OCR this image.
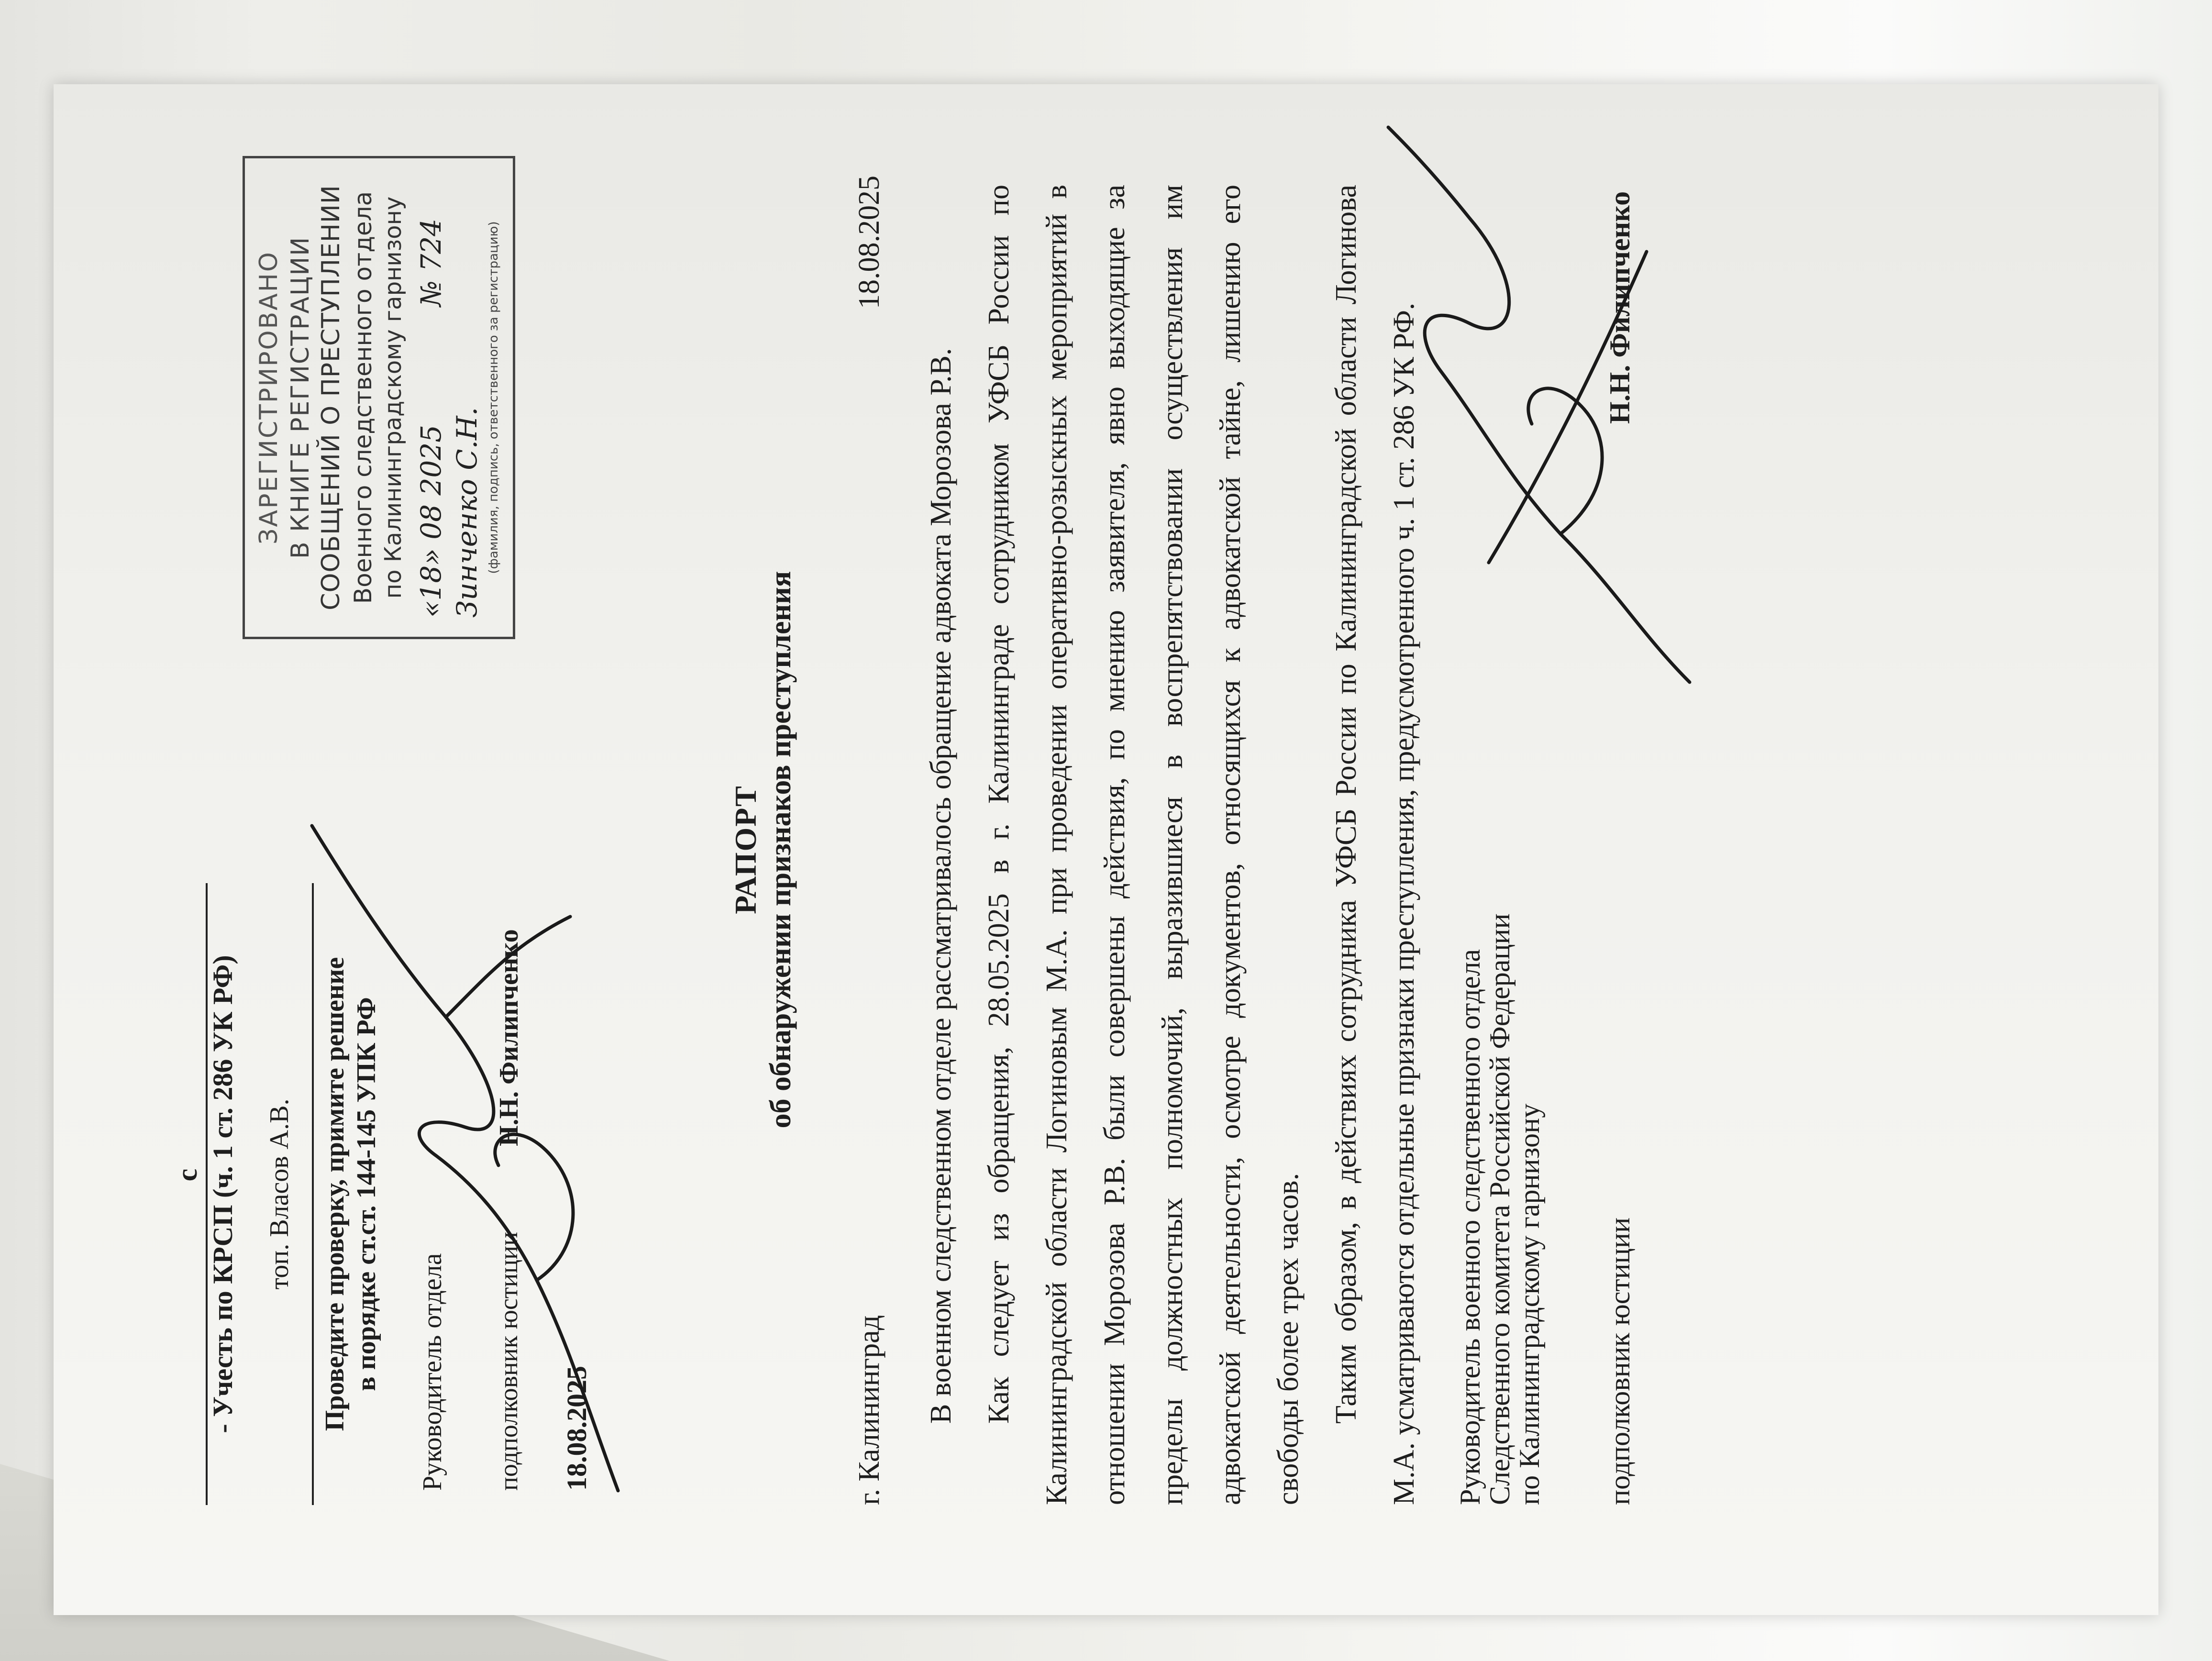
с - Учесть по КРСП (ч. 1 ст. 286 УК РФ) топ. Власов А.В. Проведите проверку, примите решение в порядке ст.ст. 144-145 УПК РФ Руководитель отдела подполковник юстиции
Н.Н. Филипченко
18.08.2025
ЗАРЕГИСТРИРОВАНО В КНИГЕ РЕГИСТРАЦИИ СООБЩЕНИЙ О ПРЕСТУПЛЕНИИ Военного следственного отдела по Калининградскому гарнизону «18» 08 2025
№ 724
Зинченко С.Н. (фамилия, подпись, ответственного за регистрацию)
РАПОРТ об обнаружении признаков преступления
г. Калининград
18.08.2025

В военном следственном отделе рассматривалось обращение адвоката Морозова Р.В. Как следует из обращения, 28.05.2025 в г. Калининграде сотрудником УФСБ России по Калининградской области Логиновым М.А. при проведении оперативно-розыскных мероприятий в отношении Морозова Р.В. были совершены действия, по мнению заявителя, явно выходящие за пределы должностных полномочий, выразившиеся в воспрепятствовании осуществления им адвокатской деятельности, осмотре документов, относящихся к адвокатской тайне, лишению его свободы более трех часов. Таким образом, в действиях сотрудника УФСБ России по Калининградской области Логинова М.А. усматриваются отдельные признаки преступления, предусмотренного ч. 1 ст. 286 УК РФ.	Руководитель военного следственного отдела
Следственного комитета Российской Федерации
по Калининградскому гарнизону подполковник юстиции
Н.Н. Филипченко
